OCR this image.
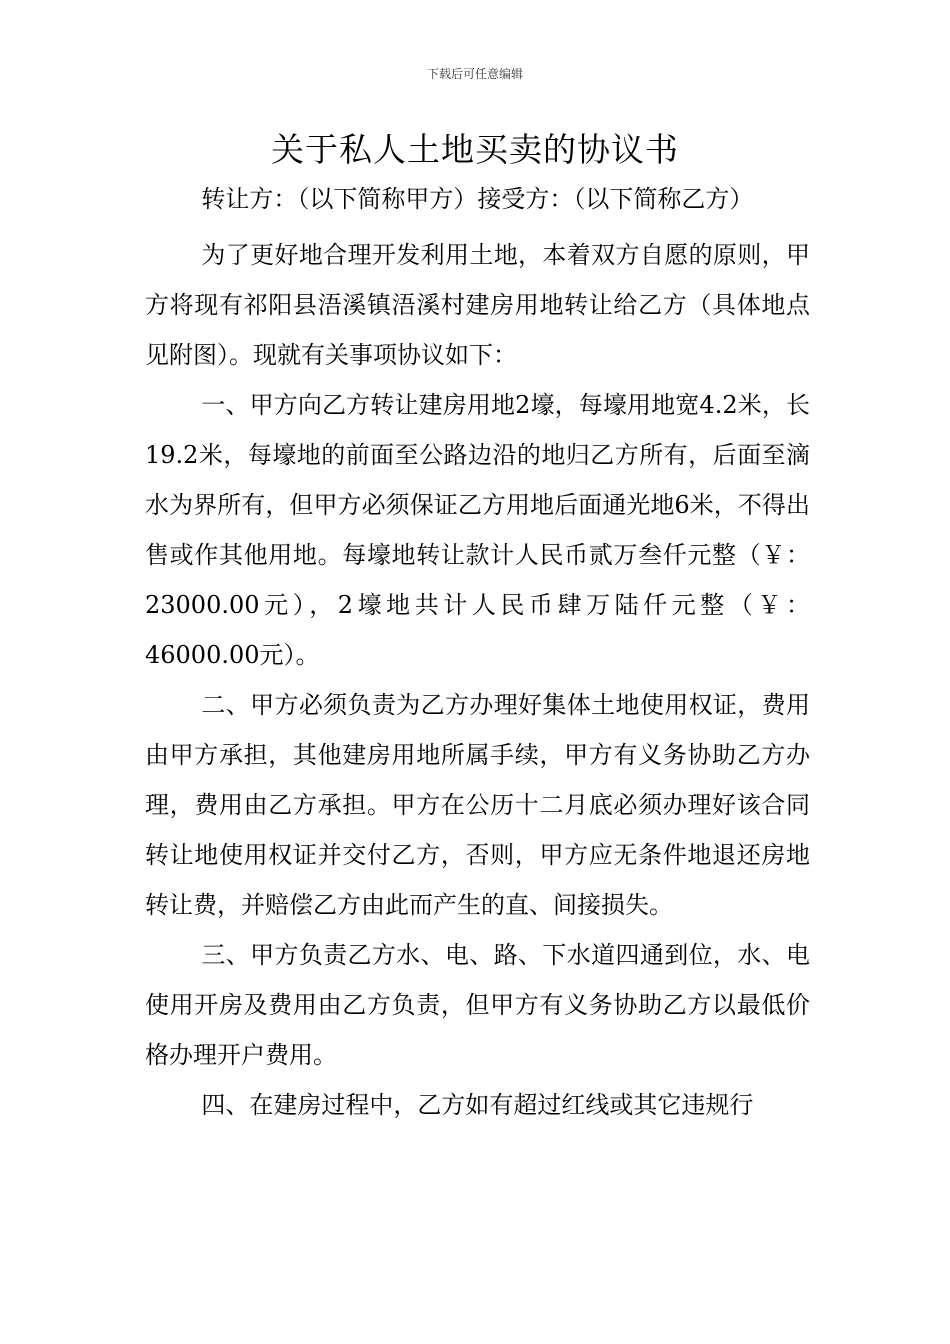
下载后可任意编辑
关于私人土地买卖的协议书

转让方：（以下简称甲方）接受方：（以下简称乙方）

为了更好地合理开发利用土地，本着双方自愿的原则，甲方将现有祁阳县浯溪镇浯溪村建房用地转让给乙方（具体地点见附图）。现就有关事项协议如下：

一、甲方向乙方转让建房用地2壕，每壕用地宽4.2米，长19.2米，每壕地的前面至公路边沿的地归乙方所有，后面至滴水为界所有，但甲方必须保证乙方用地后面通光地6米，不得出售或作其他用地。每壕地转让款计人民币贰万叁仟元整（￥：23000.00元），2壕地共计人民币肆万陆仟元整（￥：46000.00元）。

二、甲方必须负责为乙方办理好集体土地使用权证，费用由甲方承担，其他建房用地所属手续，甲方有义务协助乙方办理，费用由乙方承担。甲方在公历十二月底必须办理好该合同转让地使用权证并交付乙方，否则，甲方应无条件地退还房地转让费，并赔偿乙方由此而产生的直、间接损失。

三、甲方负责乙方水、电、路、下水道四通到位，水、电使用开房及费用由乙方负责，但甲方有义务协助乙方以最低价格办理开户费用。

四、在建房过程中，乙方如有超过红线或其它违规行
